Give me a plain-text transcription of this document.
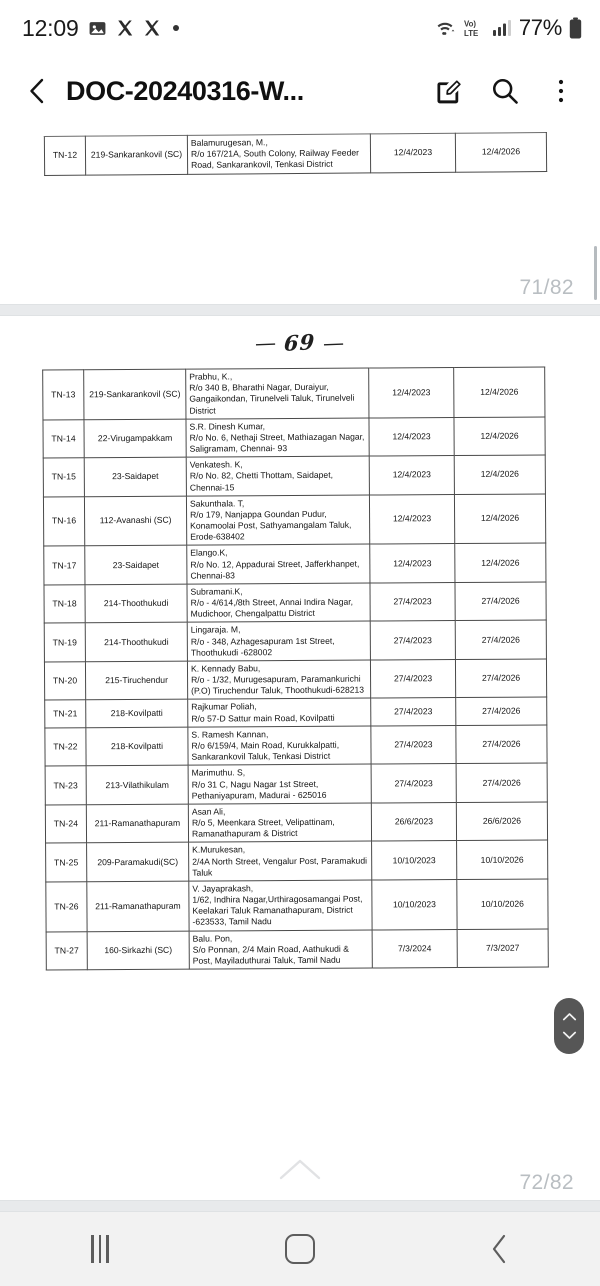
12:09	Vo)
LTE 77%
DOC-20240316-W...
TN-12	219-Sankarankovil (SC)	
Balamurugesan, M.,
R/o 167/21A, South Colony, Railway Feeder Road, Sankarankovil, Tenkasi District	12/4/2023	12/4/2026
71/82
— 69 —
TN-13	219-Sankarankovil (SC)	Prabhu, K.,
R/o 340 B, Bharathi Nagar, Duraiyur, Gangaikondan, Tirunelveli Taluk, Tirunelveli District	12/4/2023	12/4/2026
TN-14	22-Virugampakkam	S.R. Dinesh Kumar,
R/o No. 6, Nethaji Street, Mathiazagan Nagar, Saligramam, Chennai- 93	12/4/2023	12/4/2026
TN-15	23-Saidapet	Venkatesh. K,
R/o No. 82, Chetti Thottam, Saidapet, Chennai-15	12/4/2023	12/4/2026
TN-16	112-Avanashi (SC)	Sakunthala. T,
R/o 179, Nanjappa Goundan Pudur, Konamoolai Post, Sathyamangalam Taluk, Erode-638402	12/4/2023	12/4/2026
TN-17	23-Saidapet	Elango.K,
R/o No. 12, Appadurai Street, Jafferkhanpet, Chennai-83	12/4/2023	12/4/2026
TN-18	214-Thoothukudi	Subramani.K,
R/o - 4/614,/8th Street, Annai Indira Nagar, Mudichoor, Chengalpattu District	27/4/2023	27/4/2026
TN-19	214-Thoothukudi	Lingaraja. M,
R/o - 348, Azhagesapuram 1st Street, Thoothukudi -628002	27/4/2023	27/4/2026
TN-20	215-Tiruchendur	K. Kennady Babu,
R/o - 1/32, Murugesapuram, Paramankurichi (P.O) Tiruchendur Taluk, Thoothukudi-628213	27/4/2023	27/4/2026
TN-21	218-Kovilpatti	Rajkumar Poliah,
R/o 57-D Sattur main Road, Kovilpatti	27/4/2023	27/4/2026
TN-22	218-Kovilpatti	S. Ramesh Kannan,
R/o 6/159/4, Main Road, Kurukkalpatti, Sankarankovil Taluk, Tenkasi District	27/4/2023	27/4/2026
TN-23	213-Vilathikulam	Marimuthu. S,
R/o 31 C, Nagu Nagar 1st Street, Pethaniyapuram, Madurai - 625016	27/4/2023	27/4/2026
TN-24	211-Ramanathapuram	Asan Ali,
R/o 5, Meenkara Street, Velipattinam, Ramanathapuram & District	26/6/2023	26/6/2026
TN-25	209-Paramakudi(SC)	K.Murukesan,
2/4A North Street, Vengalur Post, Paramakudi Taluk	10/10/2023	10/10/2026
TN-26	211-Ramanathapuram	V. Jayaprakash,
1/62, Indhira Nagar,Urthiragosamangai Post, Keelakari Taluk Ramanathapuram, District -623533, Tamil Nadu	10/10/2023	10/10/2026
TN-27	160-Sirkazhi (SC)	Balu. Pon,
S/o Ponnan, 2/4 Main Road, Aathukudi & Post, Mayiladuthurai Taluk, Tamil Nadu	7/3/2024	7/3/2027
72/82
